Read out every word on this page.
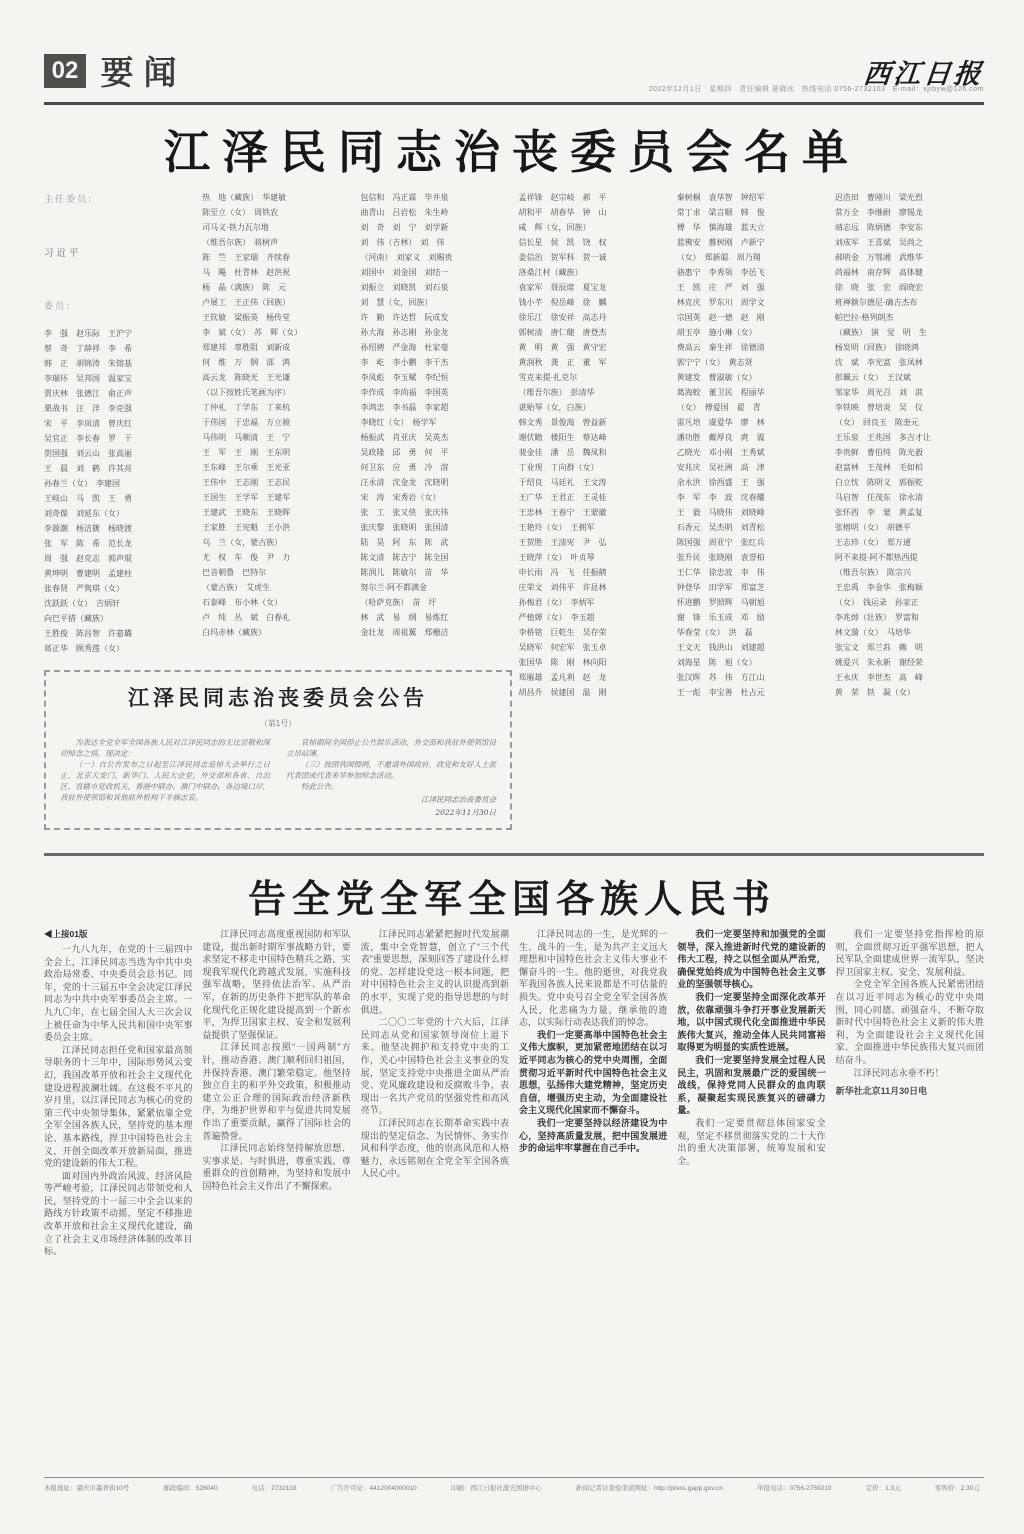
02 要闻	西江日报
2022年12月1日　星期四　责任编辑 夏晓冰　热线电话 0756-2732103　E-mail：xjrbyw@126.com
江泽民同志治丧委员会名单
主任委员：
习近平
委员：
李　强　赵乐际　王沪宁
蔡　奇　丁薛祥　李　希
韩　正　胡锦涛　朱镕基
李瑞环　吴邦国　温家宝
贾庆林　张德江　俞正声
栗战书　汪　洋　李克强
宋　平　李岚清　曾庆红
吴官正　李长春　罗　干
贺国强　刘云山　张高丽
王　晨　刘　鹤　许其亮
孙春兰（女）　李建国
王岐山　马　凯　王　勇
刘奇葆　刘延东（女）
李源潮　杨洁篪　杨晓渡
张　军　陈　希　范长龙
周　强　赵克志　郭声琨
黄坤明　曹建明　孟建柱
张春贤　严隽琪（女）
沈跃跃（女）　吉炳轩
向巴平措（藏族）
王胜俊　陈昌智　许嘉璐
蒋正华　顾秀莲（女）
热　地（藏族）　华建敏
陈至立（女）　周铁农
司马义·铁力瓦尔地
（维吾尔族）　蒋树声
陈　竺　王家瑞　齐续春
马　飚　杜青林　赵洪祝
杨　晶（满族）　陈　元
卢展工　王正伟（回族）
王钦敏　梁振英　杨传堂
李　斌（女）　苏　辉（女）
郑建邦　辜胜阻　刘新成
何　维　万　钢　邵　鸿
高云龙　陈晓光　王光谦
（以下按姓氏笔画为序）
丁仲礼　丁学东　丁来杭
于伟国　于忠福　万立骏
马伟明　马顺清　王　宁
王　军　王　刚　王东明
王东峰　王尔乘　王光亚
王伟中　王志刚　王志民
王国生　王学军　王建军
王建武　王晓东　王晓晖
王家胜　王宪魁　王小洪
乌　兰（女，蒙古族）
尤　权　车　俊　尹　力
巴音朝鲁　巴特尔
（蒙古族）　艾虎生
石泰峰　布小林（女）
卢　纯　丛　斌　白春礼
白玛赤林（藏族）
包信和　冯正霖　毕井泉
曲青山　吕岩松　朱生岭
刘　奇　刘　宁　刘学新
刘　伟（吉林）　刘　伟
（河南）　刘家义　刘赐贵
刘国中　刘金国　刘结一
刘振立　刘晓凯　刘石泉
刘　慧（女，回族）
许　勤　许达哲　阮成发
孙大海　孙志刚　孙金龙
孙绍骋　严金海　杜家毫
李　屹　李小鹏　李干杰
李凤彪　李玉赋　李纪恒
李作成　李尚福　李国英
李鸿忠　李书磊　李家超
李晓红（女）　杨学军
杨振武　肖亚庆　吴英杰
吴政隆　邱　勇　何　平
何卫东　应　勇　冷　溶
汪永清　沈金龙　沈晓明
宋　涛　宋秀岩（女）
张　工　张又侠　张庆伟
张庆黎　张晓明　张国清
陆　昊　阿　东　陈　武
陈文清　陈吉宁　陈全国
陈润儿　陈敏尔　苗　华
努尔兰·阿不都满金
（哈萨克族）　苗　圩
林　武　易　纲　易炼红
金壮龙　周祖翼　郑栅洁
孟祥锋　赵宗岐　郝　平
胡和平　胡春华　钟　山
咸　辉（女，回族）
信长星　侯　凯　饶　权
姜信治　贺军科　贺一诚
洛桑江村（藏族）
袁家军　聂辰席　夏宝龙
钱小芊　倪岳峰　徐　麟
徐乐江　徐安祥　高志丹
郭树清　唐仁健　唐登杰
黄　明　黄　强　黄守宏
黄润秋　龚　正　董　军
雪克来提·扎克尔
（维吾尔族）　彭清华
谌贻琴（女，白族）
韩文秀　景俊海　曾益新
谢伏瞻　楼阳生　蔡达峰
裴金佳　潘　岳　魏凤和
丁业现　丁向群（女）
于绍良　马廷礼　王文涛
王广华　王君正　王灵桂
王忠林　王春宁　王蒙徽
王艳玲（女）　王拥军
王贺胜　王清宪　尹　弘
王晓萍（女）　叶贞琴
申长雨　冯　飞　任振鹤
庄荣文　刘伟平　许昆林
孙梅君（女）　李炳军
严植婵（女）　李玉超
李桥铭　巨乾生　吴存荣
吴晓军　何宏军　张玉卓
张国华　陈　刚　林向阳
郑雁雄　孟凡利　赵　龙
胡昌升　侯建国　温　刚
秦树桐　袁华智　钟绍军
常丁求　梁言顺　韩　俊
傅　华　慎海雄　蓝天立
蓝佛安　雒树刚　卢新宁
（女）　郑新聪　周乃翔
骆惠宁　李秀领　李邑飞
王　凯　庄　严　刘　强
林克庆　罗东川　周学文
宗国英　赵一德　赵　刚
胡玉亭　施小琳（女）
费高云　秦生祥　徐德清
郭宁宁（女）　黄志贤
黄建发　曹淑敏（女）
葛海蛟　董卫民　程丽华
（女）　傅爱国　翟　青
雷凡培　虞爱华　廖　林
潘功胜　戴厚良　庹　震
乙晓光　邓小刚　王秀斌
安兆庆　吴社洲　高　津
余永洪　徐西盛　王　强
李　军　李　波　沈春耀
王　毅　马晓伟　刘晓峰
石香元　吴杰明　刘青松
陈国强　周亚宁　张红兵
张升民　张晓刚　袁誉柏
王仁华　徐忠波　李　伟
钟登华　田学军　郑富芝
怀进鹏　罗照辉　马朝旭
谢　锋　乐玉成　邓　励
华春莹（女）　洪　磊
王文天　钱洪山　刘建超
刘海星　陈　旭（女）
张汉晖　苏　伟　方江山
王一彪　李宝善　杜占元
迟浩田　曹刚川　梁光烈
常万全　李继耐　廖锡龙
靖志远　陈炳德　李安东
刘成军　王喜斌　吴尚之
郝明金　万鄂湘　武维华
尚福林　南存辉　高体健
徐　晓　张　宏　阎晓宏
班禅额尔德尼·确吉杰布
帕巴拉·格列朗杰
（藏族）　演　觉　明　生
杨发明（回族）　徐晓鸿
沈　斌　李光富　张凤林
彭珮云（女）　王汉斌
邹家华　周光召　刘　淇
李铁映　曾培炎　吴　仪
（女）　回良玉　陈奎元
王乐泉　王兆国　多吉才让
李贵鲜　曹伯纯　陈光毅
赵富林　王茂林　毛如柏
白立忱　陈明义　郭振乾
马启智　任茂东　徐永清
张怀西　李　蒙　黄孟复
张榕明（女）　胡德平
王志珍（女）　郑万通
阿不来提·阿不都热西提
（维吾尔族）　陈宗兴
王忠禹　李金华　张梅颖
（女）　钱运录　孙家正
李兆焯（壮族）　罗富和
林文漪（女）　马培华
张宝文　郑兰荪　赖　明
姚爱兴　朱永新　谢经荣
王永庆　李世杰　高　峰
黄　荣　铁　凝（女）
江泽民同志治丧委员会公告
（第1号）

为表达全党全军全国各族人民对江泽民同志的无比崇敬和深切悼念之情，现决定：

（一）自公告发布之日起至江泽民同志追悼大会举行之日止，北京天安门、新华门、人民大会堂，外交部和各省、自治区、直辖市党政机关，香港中联办、澳门中联办，各边境口岸，我驻外使领馆和其他驻外机构下半旗志哀。

哀悼期间全国停止公共娱乐活动，外交部和我驻外使领馆设立吊唁簿。

（三）按照我国惯例，不邀请外国政府、政党和友好人士派代表团或代表来华参加悼念活动。

特此公告。

江泽民同志治丧委员会
2022年11月30日
告全党全军全国各族人民书
◀上接01版

一九八九年，在党的十三届四中全会上，江泽民同志当选为中共中央政治局常委、中央委员会总书记。同年，党的十三届五中全会决定江泽民同志为中共中央军事委员会主席。一九九〇年，在七届全国人大三次会议上被任命为中华人民共和国中央军事委员会主席。

江泽民同志担任党和国家最高领导职务的十三年中，国际形势风云变幻，我国改革开放和社会主义现代化建设进程波澜壮阔。在这极不平凡的岁月里，以江泽民同志为核心的党的第三代中央领导集体，紧紧依靠全党全军全国各族人民，坚持党的基本理论、基本路线，捍卫中国特色社会主义，开创全面改革开放新局面，推进党的建设新的伟大工程。

面对国内外政治风波、经济风险等严峻考验，江泽民同志带领党和人民，坚持党的十一届三中全会以来的路线方针政策不动摇，坚定不移推进改革开放和社会主义现代化建设，确立了社会主义市场经济体制的改革目标。

江泽民同志高度重视国防和军队建设，提出新时期军事战略方针，要求坚定不移走中国特色精兵之路，实现我军现代化跨越式发展，实施科技强军战略，坚持依法治军、从严治军，在新的历史条件下把军队的革命化现代化正规化建设提高到一个新水平，为捍卫国家主权、安全和发展利益提供了坚强保证。

江泽民同志按照“一国两制”方针，推动香港、澳门顺利回归祖国，并保持香港、澳门繁荣稳定。他坚持独立自主的和平外交政策，积极推动建立公正合理的国际政治经济新秩序，为维护世界和平与促进共同发展作出了重要贡献，赢得了国际社会的普遍赞誉。

江泽民同志始终坚持解放思想、实事求是、与时俱进，尊重实践、尊重群众的首创精神，为坚持和发展中国特色社会主义作出了不懈探索。

江泽民同志紧紧把握时代发展潮流，集中全党智慧，创立了“三个代表”重要思想，深刻回答了建设什么样的党、怎样建设党这一根本问题，把对中国特色社会主义的认识提高到新的水平，实现了党的指导思想的与时俱进。

二〇〇二年党的十六大后，江泽民同志从党和国家领导岗位上退下来。他坚决拥护和支持党中央的工作，关心中国特色社会主义事业的发展，坚定支持党中央推进全面从严治党、党风廉政建设和反腐败斗争，表现出一名共产党员的坚强党性和高风亮节。

江泽民同志在长期革命实践中表现出的坚定信念、为民情怀、务实作风和科学态度，他的崇高风范和人格魅力，永远铭刻在全党全军全国各族人民心中。

江泽民同志的一生，是光辉的一生、战斗的一生，是为共产主义远大理想和中国特色社会主义伟大事业不懈奋斗的一生。他的逝世，对我党我军我国各族人民来说都是不可估量的损失。党中央号召全党全军全国各族人民，化悲痛为力量，继承他的遗志，以实际行动表达我们的悼念。

我们一定要高举中国特色社会主义伟大旗帜，更加紧密地团结在以习近平同志为核心的党中央周围，全面贯彻习近平新时代中国特色社会主义思想，弘扬伟大建党精神，坚定历史自信，增强历史主动，为全面建设社会主义现代化国家而不懈奋斗。

我们一定要坚持以经济建设为中心，坚持高质量发展，把中国发展进步的命运牢牢掌握在自己手中。

我们一定要坚持和加强党的全面领导，深入推进新时代党的建设新的伟大工程，持之以恒全面从严治党，确保党始终成为中国特色社会主义事业的坚强领导核心。

我们一定要坚持全面深化改革开放，依靠顽强斗争打开事业发展新天地，以中国式现代化全面推进中华民族伟大复兴，推动全体人民共同富裕取得更为明显的实质性进展。

我们一定要坚持发展全过程人民民主，巩固和发展最广泛的爱国统一战线，保持党同人民群众的血肉联系，凝聚起实现民族复兴的磅礴力量。

我们一定要贯彻总体国家安全观，坚定不移贯彻落实党的二十大作出的重大决策部署，统筹发展和安全。

我们一定要坚持党指挥枪的原则，全面贯彻习近平强军思想，把人民军队全面建成世界一流军队，坚决捍卫国家主权、安全、发展利益。

全党全军全国各族人民紧密团结在以习近平同志为核心的党中央周围，同心同德、顽强奋斗，不断夺取新时代中国特色社会主义新的伟大胜利，为全面建设社会主义现代化国家、全面推进中华民族伟大复兴而团结奋斗。

江泽民同志永垂不朽！

新华社北京11月30日电

本报地址：肇庆市墨香街10号	邮政编码：526040	电话：2732103	广告许可证：4412004000010	印刷：西江日报社激光照排中心	新闻记者证查验渠道网址：http://press.gapp.gov.cn	举报电话：0756-2759210	定价：1.3元	零售价：2.30元
